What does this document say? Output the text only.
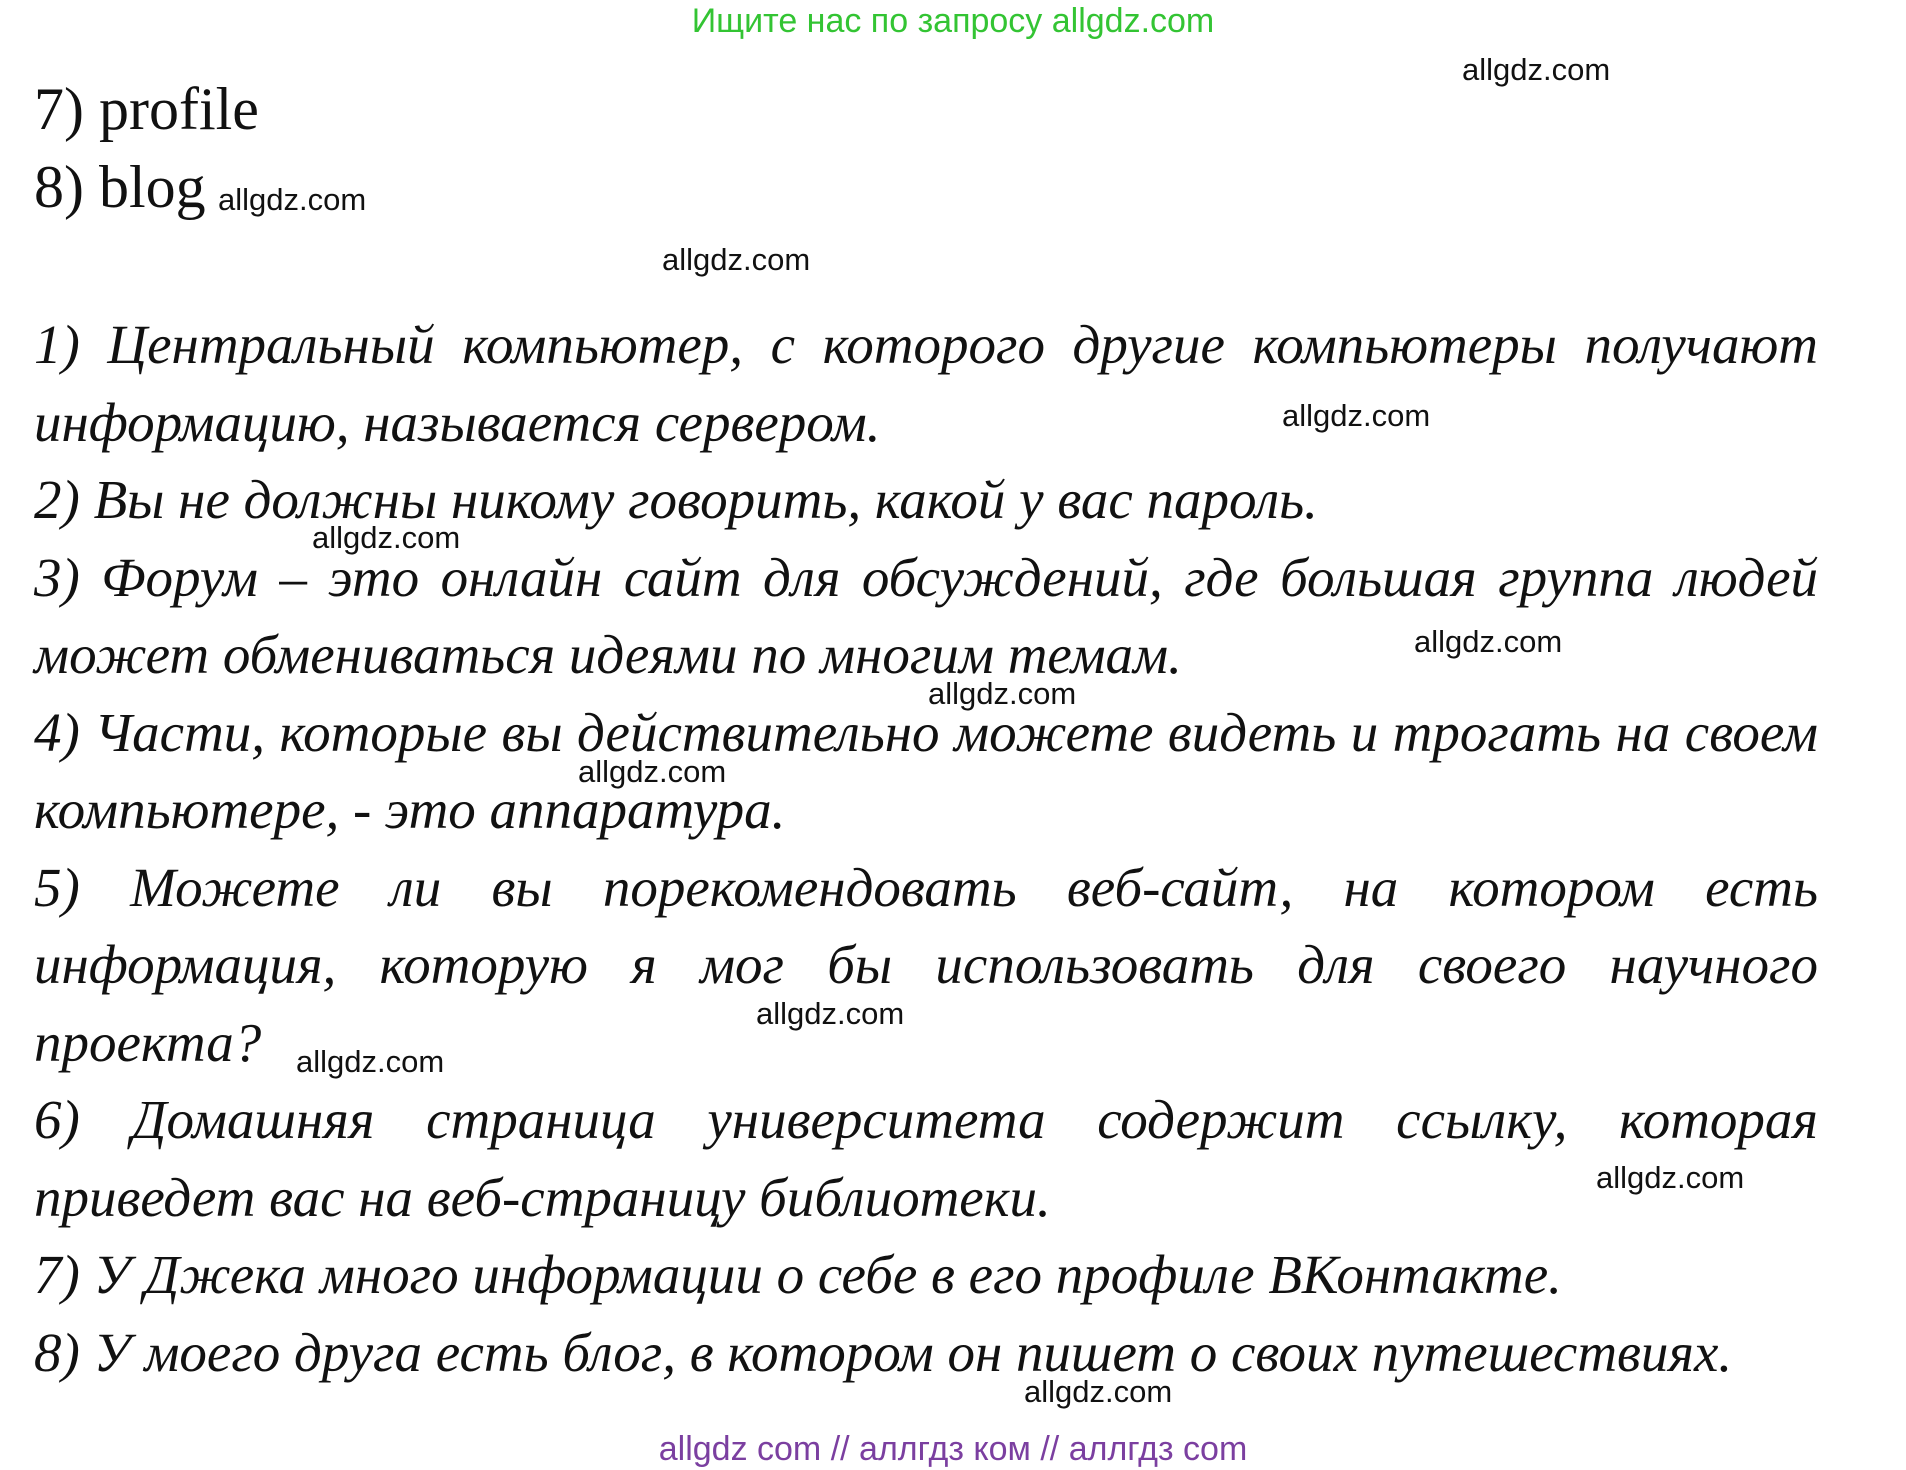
Ищите нас по запросу allgdz.com
7) profile
8) blog

1) Центральный компьютер, с которого другие компьютеры получают информацию, называется сервером.

2) Вы не должны никому говорить, какой у вас пароль.

3) Форум – это онлайн сайт для обсуждений, где большая группа людей может обмениваться идеями по многим темам.

4) Части, которые вы действительно можете видеть и трогать на своем компьютере, - это аппаратура.

5) Можете ли вы порекомендовать веб-сайт, на котором есть информация, которую я мог бы использовать для своего научного проекта?

6) Домашняя страница университета содержит ссылку, которая приведет вас на веб-страницу библиотеки.

7) У Джека много информации о себе в его профиле ВКонтакте.

8) У моего друга есть блог, в котором он пишет о своих путешествиях.

allgdz.com
allgdz.com
allgdz.com
allgdz.com
allgdz.com
allgdz.com
allgdz.com
allgdz.com
allgdz.com
allgdz.com
allgdz.com
allgdz.com
allgdz com // аллгдз ком // аллгдз com
